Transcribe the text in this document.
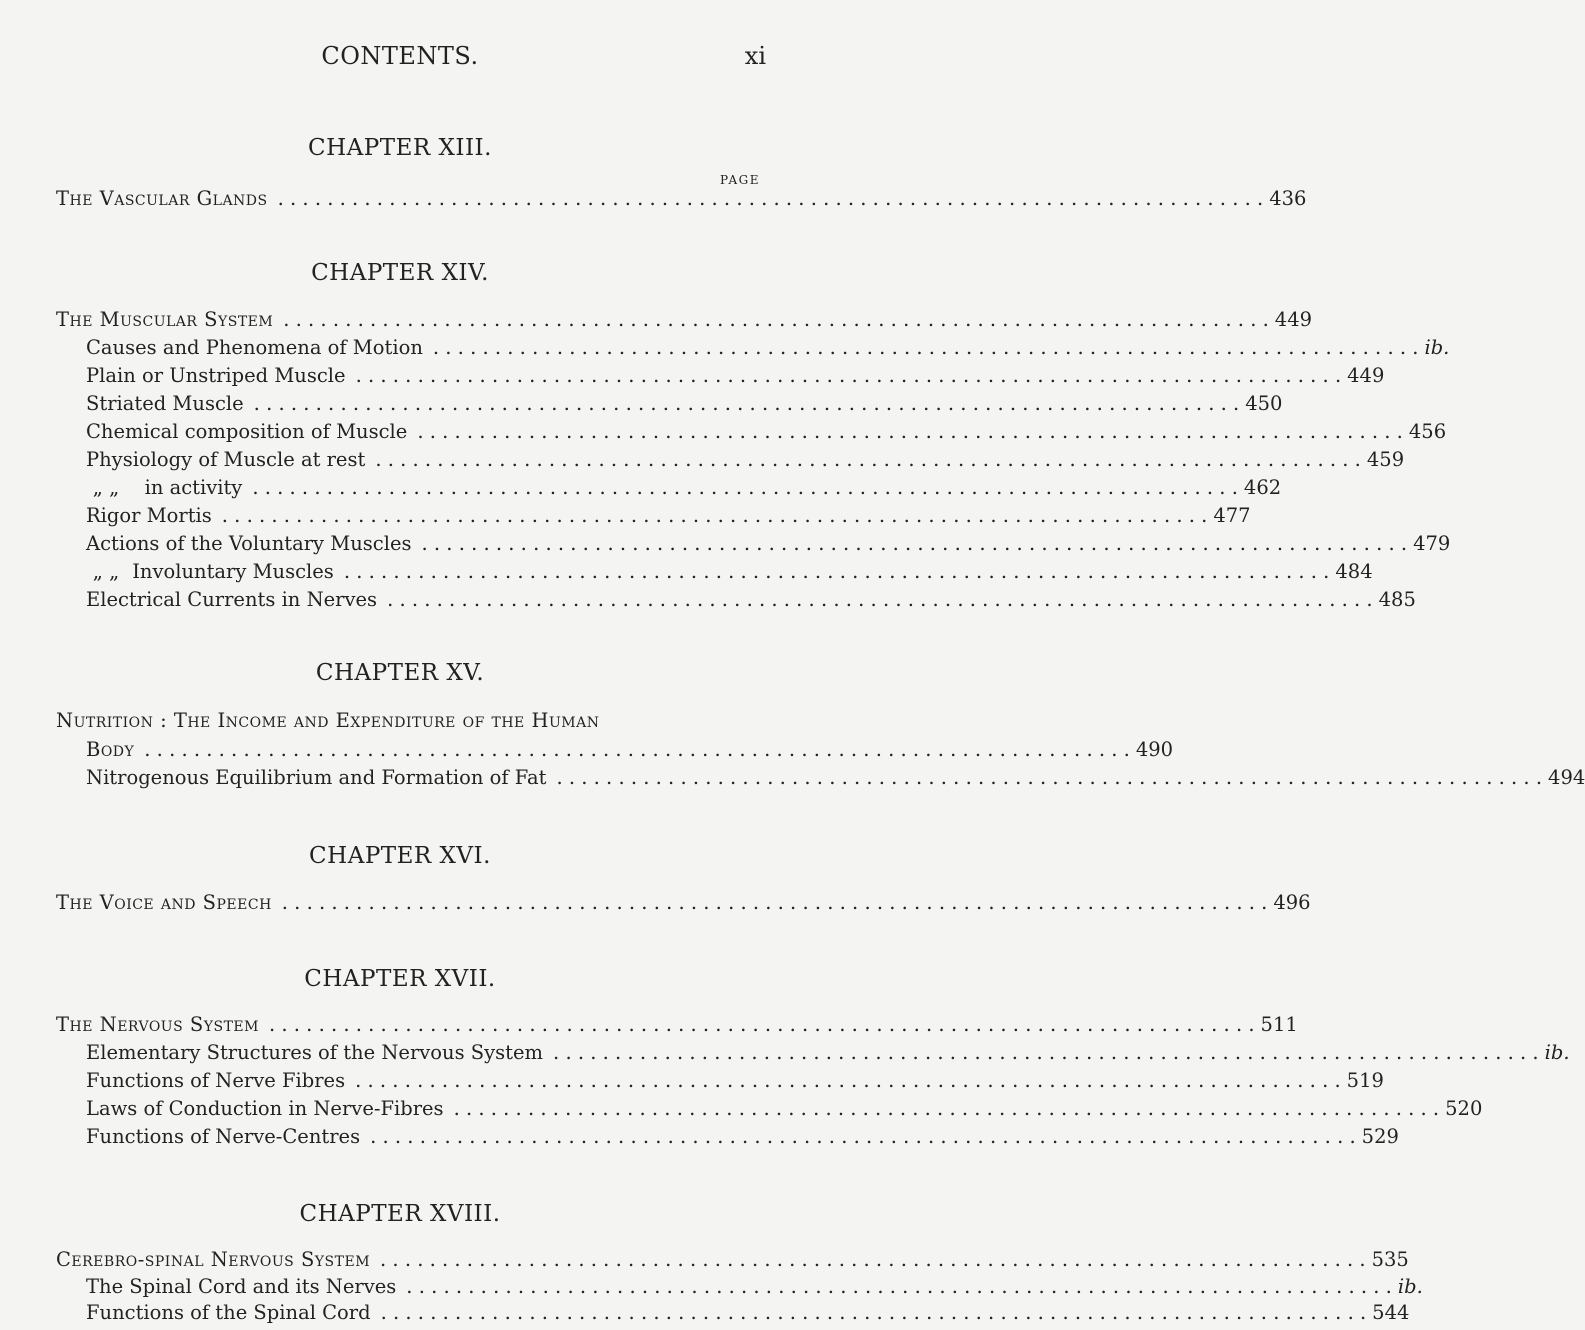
CONTENTS.	xi
CHAPTER XIII.
PAGE
The Vascular Glands . . . . . . . . . . . . . . . . . . . . . . . . . . . . . . . . . . . . . . . . . . . . . . . . . . . . . . . . . . . . . . . . . . . . . . . . . . . . . . . . 436
CHAPTER XIV.
The Muscular System . . . . . . . . . . . . . . . . . . . . . . . . . . . . . . . . . . . . . . . . . . . . . . . . . . . . . . . . . . . . . . . . . . . . . . . . . . . . . . . . 449
Causes and Phenomena of Motion . . . . . . . . . . . . . . . . . . . . . . . . . . . . . . . . . . . . . . . . . . . . . . . . . . . . . . . . . . . . . . . . . . . . . . . . . . . . . . . . ib.
Plain or Unstriped Muscle . . . . . . . . . . . . . . . . . . . . . . . . . . . . . . . . . . . . . . . . . . . . . . . . . . . . . . . . . . . . . . . . . . . . . . . . . . . . . . . . 449
Striated Muscle . . . . . . . . . . . . . . . . . . . . . . . . . . . . . . . . . . . . . . . . . . . . . . . . . . . . . . . . . . . . . . . . . . . . . . . . . . . . . . . . 450
Chemical composition of Muscle . . . . . . . . . . . . . . . . . . . . . . . . . . . . . . . . . . . . . . . . . . . . . . . . . . . . . . . . . . . . . . . . . . . . . . . . . . . . . . . . 456
Physiology of Muscle at rest . . . . . . . . . . . . . . . . . . . . . . . . . . . . . . . . . . . . . . . . . . . . . . . . . . . . . . . . . . . . . . . . . . . . . . . . . . . . . . . . 459
„ „ in activity . . . . . . . . . . . . . . . . . . . . . . . . . . . . . . . . . . . . . . . . . . . . . . . . . . . . . . . . . . . . . . . . . . . . . . . . . . . . . . . . 462
Rigor Mortis . . . . . . . . . . . . . . . . . . . . . . . . . . . . . . . . . . . . . . . . . . . . . . . . . . . . . . . . . . . . . . . . . . . . . . . . . . . . . . . . 477
Actions of the Voluntary Muscles . . . . . . . . . . . . . . . . . . . . . . . . . . . . . . . . . . . . . . . . . . . . . . . . . . . . . . . . . . . . . . . . . . . . . . . . . . . . . . . . 479
„ „ Involuntary Muscles . . . . . . . . . . . . . . . . . . . . . . . . . . . . . . . . . . . . . . . . . . . . . . . . . . . . . . . . . . . . . . . . . . . . . . . . . . . . . . . . 484
Electrical Currents in Nerves . . . . . . . . . . . . . . . . . . . . . . . . . . . . . . . . . . . . . . . . . . . . . . . . . . . . . . . . . . . . . . . . . . . . . . . . . . . . . . . . 485
CHAPTER XV.
Nutrition : The Income and Expenditure of the Human
Body . . . . . . . . . . . . . . . . . . . . . . . . . . . . . . . . . . . . . . . . . . . . . . . . . . . . . . . . . . . . . . . . . . . . . . . . . . . . . . . . 490
Nitrogenous Equilibrium and Formation of Fat . . . . . . . . . . . . . . . . . . . . . . . . . . . . . . . . . . . . . . . . . . . . . . . . . . . . . . . . . . . . . . . . . . . . . . . . . . . . . . . . 494
CHAPTER XVI.
The Voice and Speech . . . . . . . . . . . . . . . . . . . . . . . . . . . . . . . . . . . . . . . . . . . . . . . . . . . . . . . . . . . . . . . . . . . . . . . . . . . . . . . . 496
CHAPTER XVII.
The Nervous System . . . . . . . . . . . . . . . . . . . . . . . . . . . . . . . . . . . . . . . . . . . . . . . . . . . . . . . . . . . . . . . . . . . . . . . . . . . . . . . . 511
Elementary Structures of the Nervous System . . . . . . . . . . . . . . . . . . . . . . . . . . . . . . . . . . . . . . . . . . . . . . . . . . . . . . . . . . . . . . . . . . . . . . . . . . . . . . . . ib.
Functions of Nerve Fibres . . . . . . . . . . . . . . . . . . . . . . . . . . . . . . . . . . . . . . . . . . . . . . . . . . . . . . . . . . . . . . . . . . . . . . . . . . . . . . . . 519
Laws of Conduction in Nerve-Fibres . . . . . . . . . . . . . . . . . . . . . . . . . . . . . . . . . . . . . . . . . . . . . . . . . . . . . . . . . . . . . . . . . . . . . . . . . . . . . . . . 520
Functions of Nerve-Centres . . . . . . . . . . . . . . . . . . . . . . . . . . . . . . . . . . . . . . . . . . . . . . . . . . . . . . . . . . . . . . . . . . . . . . . . . . . . . . . . 529
CHAPTER XVIII.
Cerebro-spinal Nervous System . . . . . . . . . . . . . . . . . . . . . . . . . . . . . . . . . . . . . . . . . . . . . . . . . . . . . . . . . . . . . . . . . . . . . . . . . . . . . . . . 535
The Spinal Cord and its Nerves . . . . . . . . . . . . . . . . . . . . . . . . . . . . . . . . . . . . . . . . . . . . . . . . . . . . . . . . . . . . . . . . . . . . . . . . . . . . . . . . ib.
Functions of the Spinal Cord . . . . . . . . . . . . . . . . . . . . . . . . . . . . . . . . . . . . . . . . . . . . . . . . . . . . . . . . . . . . . . . . . . . . . . . . . . . . . . . . 544
